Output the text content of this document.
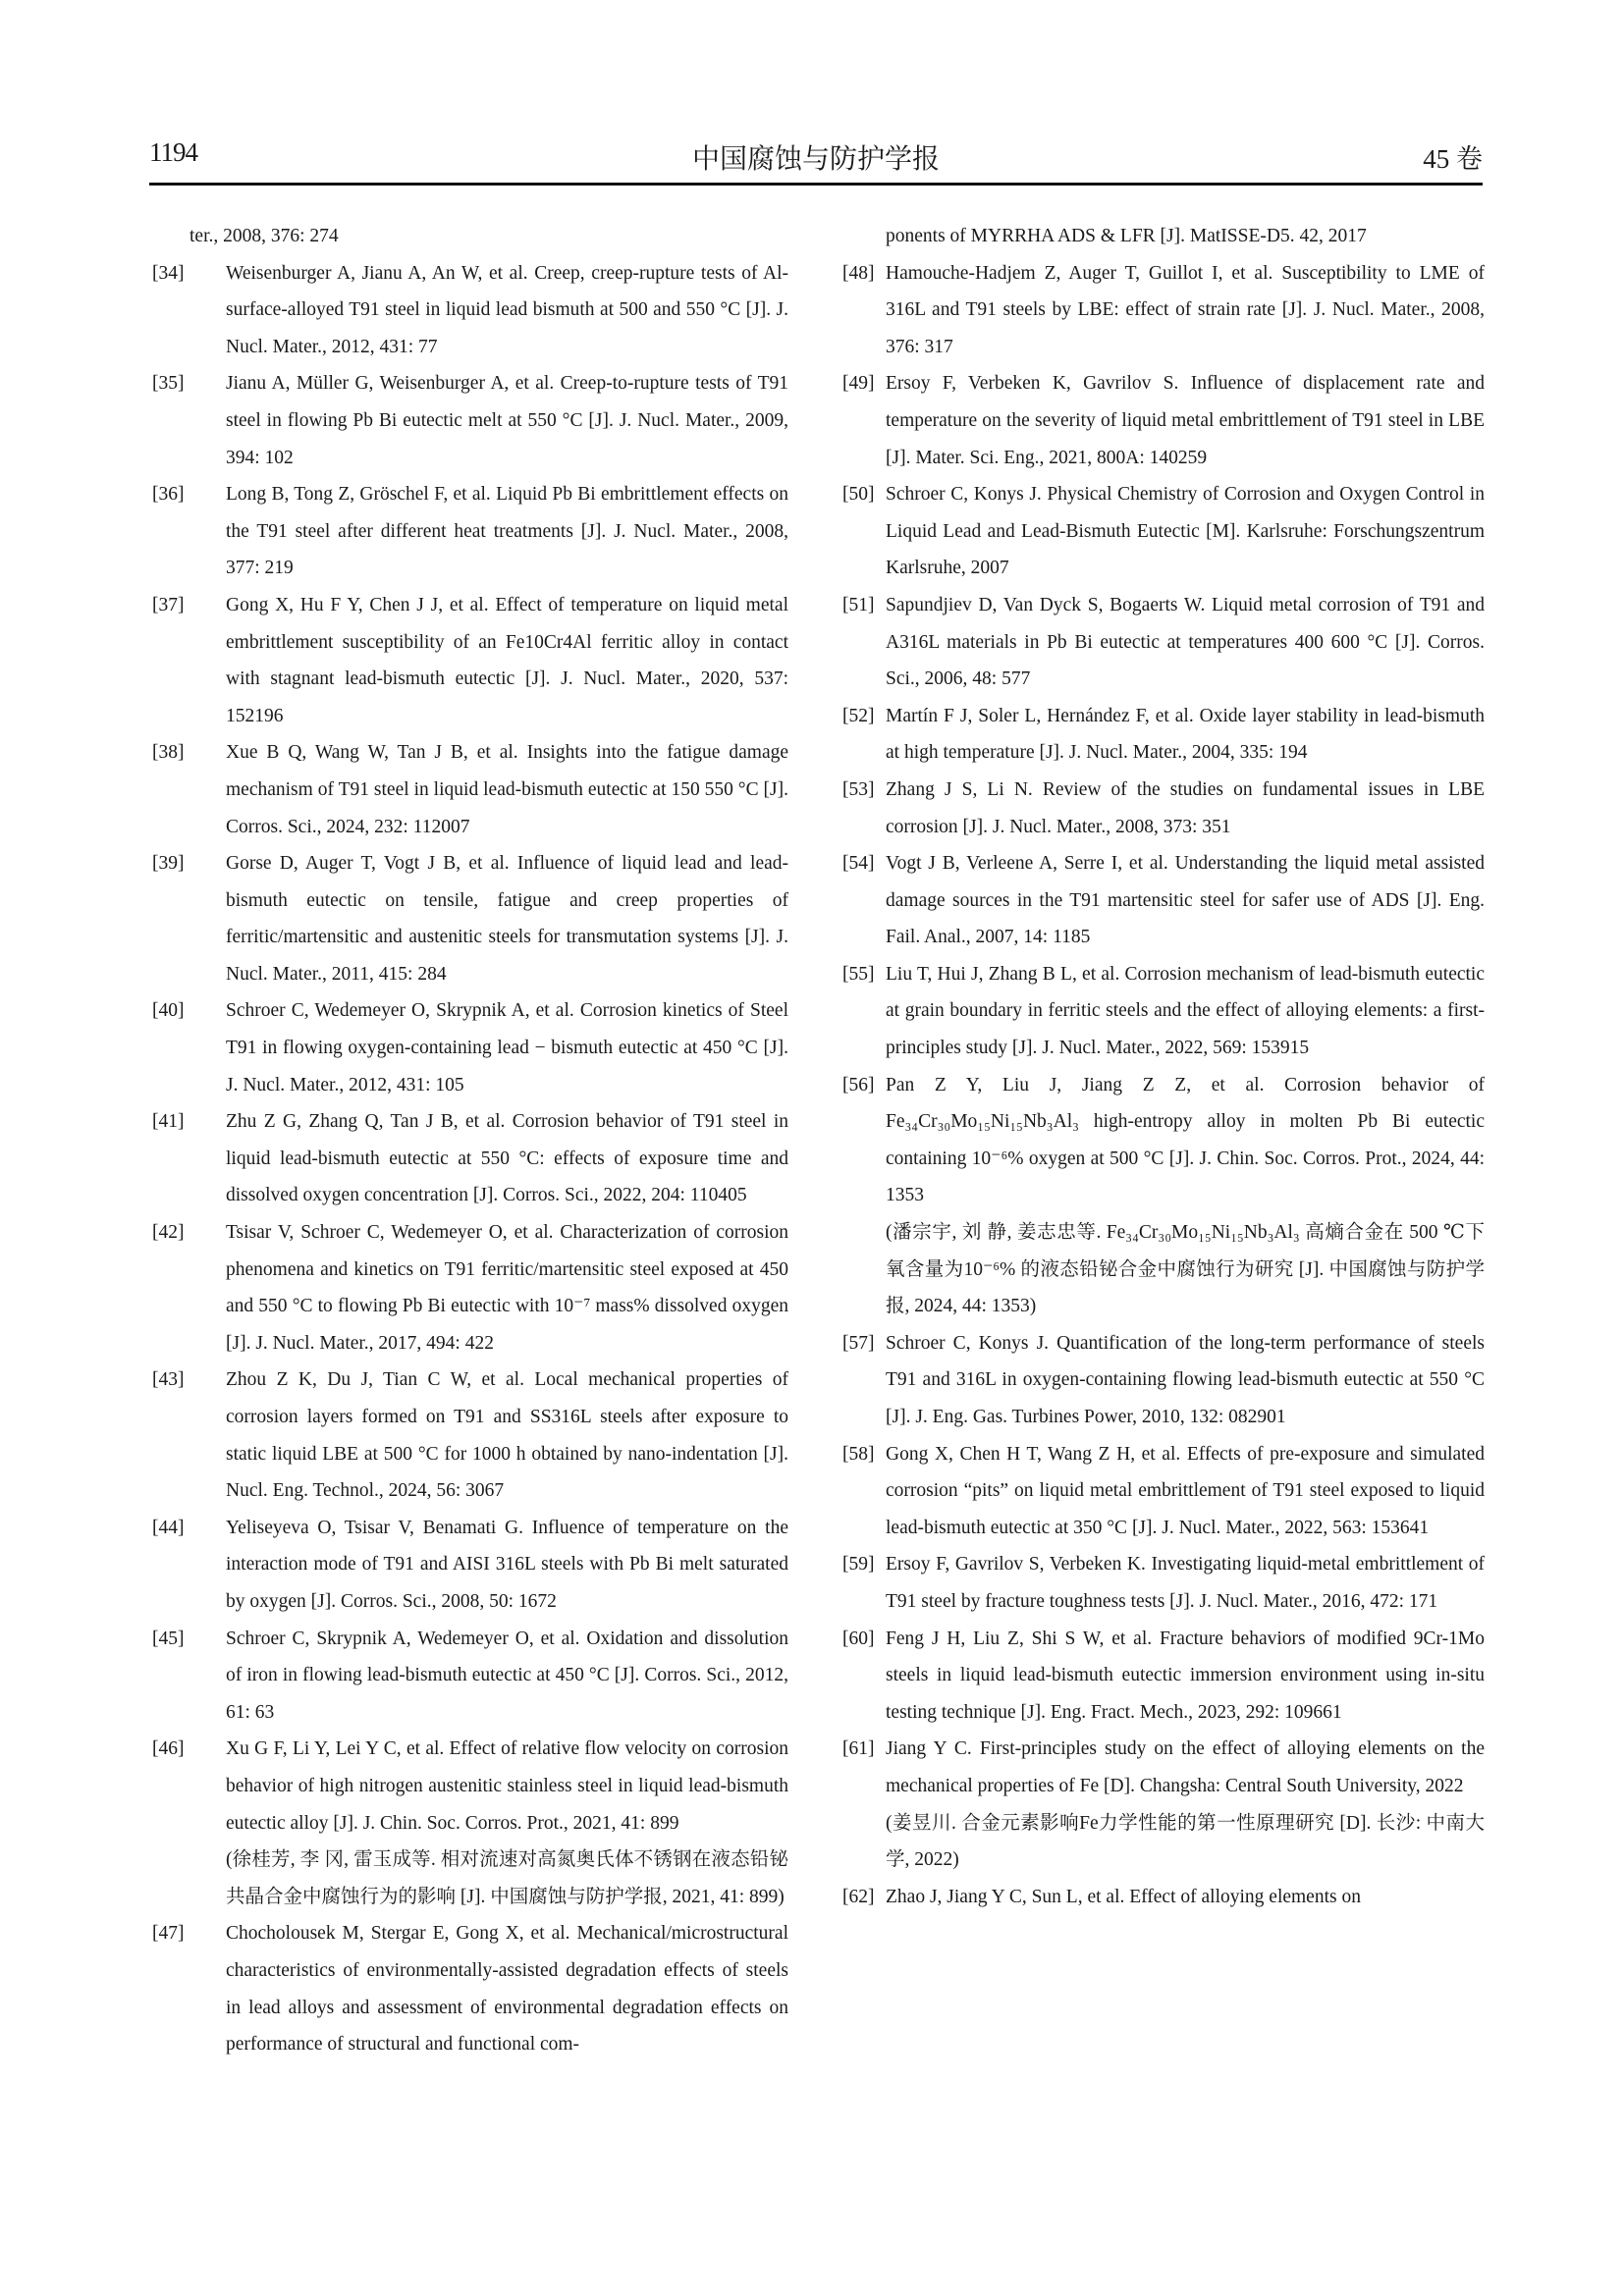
1194	中国腐蚀与防护学报	45 卷
ter., 2008, 376: 274
[34] Weisenburger A, Jianu A, An W, et al. Creep, creep-rupture tests of Al-surface-alloyed T91 steel in liquid lead bismuth at 500 and 550 °C [J]. J. Nucl. Mater., 2012, 431: 77
[35] Jianu A, Müller G, Weisenburger A, et al. Creep-to-rupture tests of T91 steel in flowing Pb Bi eutectic melt at 550 °C [J]. J. Nucl. Mater., 2009, 394: 102
[36] Long B, Tong Z, Gröschel F, et al. Liquid Pb Bi embrittlement effects on the T91 steel after different heat treatments [J]. J. Nucl. Mater., 2008, 377: 219
[37] Gong X, Hu F Y, Chen J J, et al. Effect of temperature on liquid metal embrittlement susceptibility of an Fe10Cr4Al ferritic alloy in contact with stagnant lead-bismuth eutectic [J]. J. Nucl. Mater., 2020, 537: 152196
[38] Xue B Q, Wang W, Tan J B, et al. Insights into the fatigue damage mechanism of T91 steel in liquid lead-bismuth eutectic at 150 550 °C [J]. Corros. Sci., 2024, 232: 112007
[39] Gorse D, Auger T, Vogt J B, et al. Influence of liquid lead and lead-bismuth eutectic on tensile, fatigue and creep properties of ferritic/martensitic and austenitic steels for transmutation systems [J]. J. Nucl. Mater., 2011, 415: 284
[40] Schroer C, Wedemeyer O, Skrypnik A, et al. Corrosion kinetics of Steel T91 in flowing oxygen-containing lead − bismuth eutectic at 450 °C [J]. J. Nucl. Mater., 2012, 431: 105
[41] Zhu Z G, Zhang Q, Tan J B, et al. Corrosion behavior of T91 steel in liquid lead-bismuth eutectic at 550 °C: effects of exposure time and dissolved oxygen concentration [J]. Corros. Sci., 2022, 204: 110405
[42] Tsisar V, Schroer C, Wedemeyer O, et al. Characterization of corrosion phenomena and kinetics on T91 ferritic/martensitic steel exposed at 450 and 550 °C to flowing Pb Bi eutectic with 10⁻⁷ mass% dissolved oxygen [J]. J. Nucl. Mater., 2017, 494: 422
[43] Zhou Z K, Du J, Tian C W, et al. Local mechanical properties of corrosion layers formed on T91 and SS316L steels after exposure to static liquid LBE at 500 °C for 1000 h obtained by nano-indentation [J]. Nucl. Eng. Technol., 2024, 56: 3067
[44] Yeliseyeva O, Tsisar V, Benamati G. Influence of temperature on the interaction mode of T91 and AISI 316L steels with Pb Bi melt saturated by oxygen [J]. Corros. Sci., 2008, 50: 1672
[45] Schroer C, Skrypnik A, Wedemeyer O, et al. Oxidation and dissolution of iron in flowing lead-bismuth eutectic at 450 °C [J]. Corros. Sci., 2012, 61: 63
[46] Xu G F, Li Y, Lei Y C, et al. Effect of relative flow velocity on corrosion behavior of high nitrogen austenitic stainless steel in liquid lead-bismuth eutectic alloy [J]. J. Chin. Soc. Corros. Prot., 2021, 41: 899
(徐桂芳, 李 冈, 雷玉成等. 相对流速对高氮奥氏体不锈钢在液态铅铋共晶合金中腐蚀行为的影响 [J]. 中国腐蚀与防护学报, 2021, 41: 899)
[47] Chocholousek M, Stergar E, Gong X, et al. Mechanical/microstructural characteristics of environmentally-assisted degradation effects of steels in lead alloys and assessment of environmental degradation effects on performance of structural and functional com-
ponents of MYRRHA ADS & LFR [J]. MatISSE-D5. 42, 2017
[48] Hamouche-Hadjem Z, Auger T, Guillot I, et al. Susceptibility to LME of 316L and T91 steels by LBE: effect of strain rate [J]. J. Nucl. Mater., 2008, 376: 317
[49] Ersoy F, Verbeken K, Gavrilov S. Influence of displacement rate and temperature on the severity of liquid metal embrittlement of T91 steel in LBE [J]. Mater. Sci. Eng., 2021, 800A: 140259
[50] Schroer C, Konys J. Physical Chemistry of Corrosion and Oxygen Control in Liquid Lead and Lead-Bismuth Eutectic [M]. Karlsruhe: Forschungszentrum Karlsruhe, 2007
[51] Sapundjiev D, Van Dyck S, Bogaerts W. Liquid metal corrosion of T91 and A316L materials in Pb Bi eutectic at temperatures 400 600 °C [J]. Corros. Sci., 2006, 48: 577
[52] Martín F J, Soler L, Hernández F, et al. Oxide layer stability in lead-bismuth at high temperature [J]. J. Nucl. Mater., 2004, 335: 194
[53] Zhang J S, Li N. Review of the studies on fundamental issues in LBE corrosion [J]. J. Nucl. Mater., 2008, 373: 351
[54] Vogt J B, Verleene A, Serre I, et al. Understanding the liquid metal assisted damage sources in the T91 martensitic steel for safer use of ADS [J]. Eng. Fail. Anal., 2007, 14: 1185
[55] Liu T, Hui J, Zhang B L, et al. Corrosion mechanism of lead-bismuth eutectic at grain boundary in ferritic steels and the effect of alloying elements: a first-principles study [J]. J. Nucl. Mater., 2022, 569: 153915
[56] Pan Z Y, Liu J, Jiang Z Z, et al. Corrosion behavior of Fe₃₄Cr₃₀Mo₁₅Ni₁₅Nb₃Al₃ high-entropy alloy in molten Pb Bi eutectic containing 10⁻⁶% oxygen at 500 °C [J]. J. Chin. Soc. Corros. Prot., 2024, 44: 1353
(潘宗宇, 刘 静, 姜志忠等. Fe₃₄Cr₃₀Mo₁₅Ni₁₅Nb₃Al₃ 高熵合金在 500 ℃下氧含量为10⁻⁶% 的液态铅铋合金中腐蚀行为研究 [J]. 中国腐蚀与防护学报, 2024, 44: 1353)
[57] Schroer C, Konys J. Quantification of the long-term performance of steels T91 and 316L in oxygen-containing flowing lead-bismuth eutectic at 550 °C [J]. J. Eng. Gas. Turbines Power, 2010, 132: 082901
[58] Gong X, Chen H T, Wang Z H, et al. Effects of pre-exposure and simulated corrosion “pits” on liquid metal embrittlement of T91 steel exposed to liquid lead-bismuth eutectic at 350 °C [J]. J. Nucl. Mater., 2022, 563: 153641
[59] Ersoy F, Gavrilov S, Verbeken K. Investigating liquid-metal embrittlement of T91 steel by fracture toughness tests [J]. J. Nucl. Mater., 2016, 472: 171
[60] Feng J H, Liu Z, Shi S W, et al. Fracture behaviors of modified 9Cr-1Mo steels in liquid lead-bismuth eutectic immersion environment using in-situ testing technique [J]. Eng. Fract. Mech., 2023, 292: 109661
[61] Jiang Y C. First-principles study on the effect of alloying elements on the mechanical properties of Fe [D]. Changsha: Central South University, 2022
(姜昱川. 合金元素影响Fe力学性能的第一性原理研究 [D]. 长沙: 中南大学, 2022)
[62] Zhao J, Jiang Y C, Sun L, et al. Effect of alloying elements on
